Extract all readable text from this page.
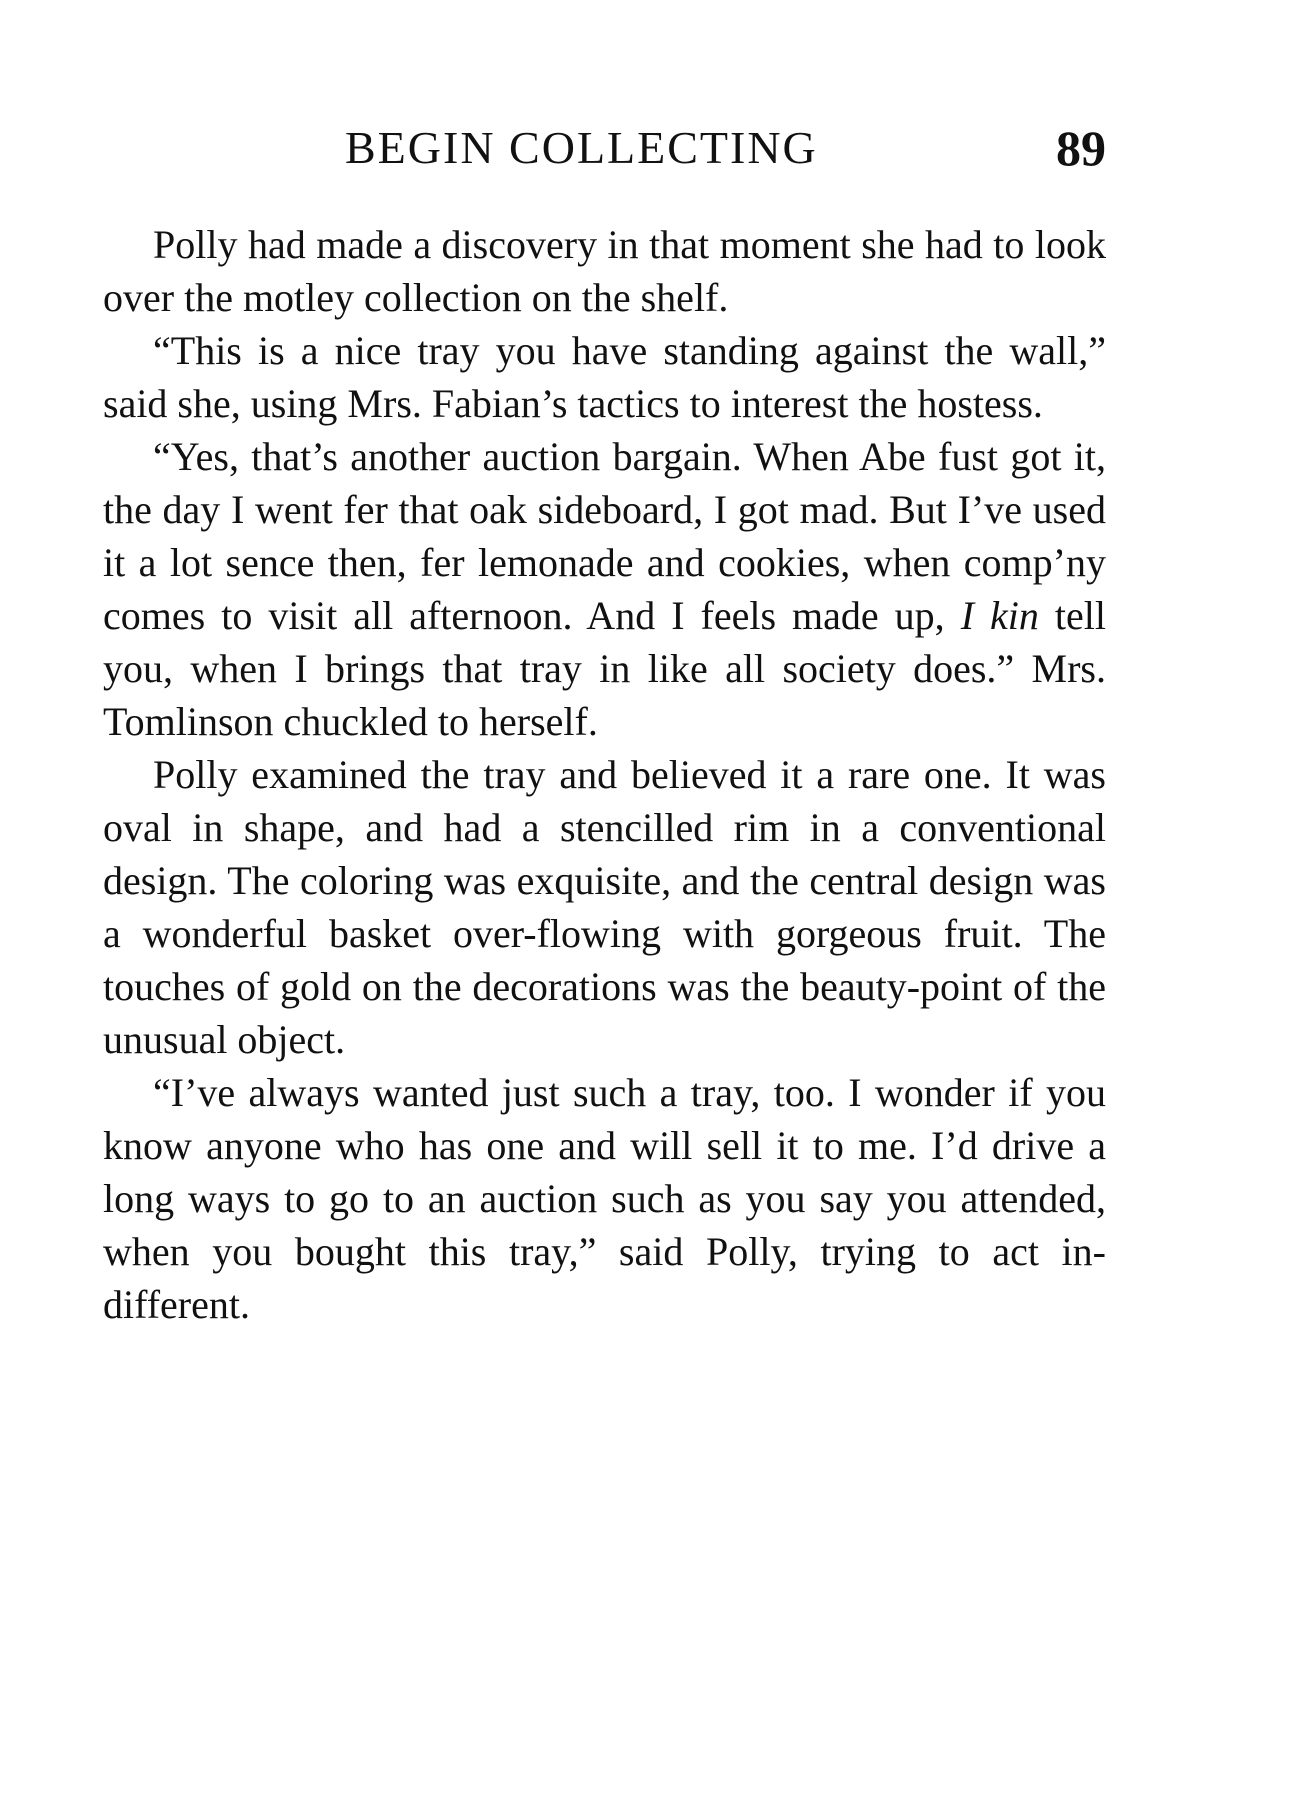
BEGIN COLLECTING	89

Polly had made a discovery in that moment she had to look over the motley collection on the shelf.

“This is a nice tray you have standing against the wall,” said she, using Mrs. Fabian’s tactics to interest the hostess.

“Yes, that’s another auction bargain. When Abe fust got it, the day I went fer that oak sideboard, I got mad. But I’ve used it a lot sence then, fer lemonade and cookies, when comp’ny comes to visit all afternoon. And I feels made up, I kin tell you, when I brings that tray in like all society does.” Mrs. Tomlinson chuckled to herself.

Polly examined the tray and believed it a rare one. It was oval in shape, and had a stencilled rim in a conventional design. The coloring was exquisite, and the central design was a wonderful basket over-flowing with gorgeous fruit. The touches of gold on the decorations was the beauty-point of the unusual object.

“I’ve always wanted just such a tray, too. I wonder if you know anyone who has one and will sell it to me. I’d drive a long ways to go to an auction such as you say you attended, when you bought this tray,” said Polly, trying to act indifferent.
